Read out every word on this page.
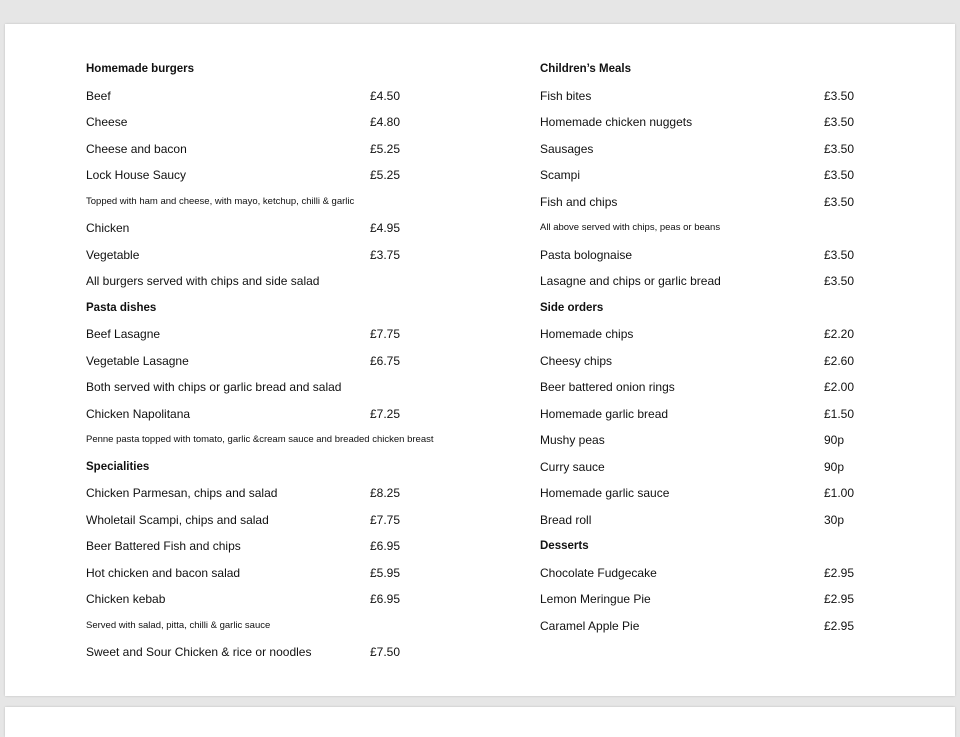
Homemade burgers
Beef	£4.50
Cheese	£4.80
Cheese and bacon	£5.25
Lock House Saucy	£5.25
Topped with ham and cheese, with mayo, ketchup, chilli & garlic
Chicken	£4.95
Vegetable	£3.75
All burgers served with chips and side salad
Pasta dishes
Beef Lasagne	£7.75
Vegetable Lasagne	£6.75
Both served with chips or garlic bread and salad
Chicken Napolitana	£7.25
Penne pasta topped with tomato, garlic &cream sauce and breaded chicken breast
Specialities
Chicken Parmesan, chips and salad	£8.25
Wholetail Scampi, chips and salad	£7.75
Beer Battered Fish and chips	£6.95
Hot chicken and bacon salad	£5.95
Chicken kebab	£6.95
Served with salad, pitta, chilli & garlic sauce
Sweet and Sour Chicken & rice or noodles	£7.50
Children’s Meals
Fish bites	£3.50
Homemade chicken nuggets	£3.50
Sausages	£3.50
Scampi	£3.50
Fish and chips	£3.50
All above served with chips, peas or beans
Pasta bolognaise	£3.50
Lasagne and chips or garlic bread	£3.50
Side orders
Homemade chips	£2.20
Cheesy chips	£2.60
Beer battered onion rings	£2.00
Homemade garlic bread	£1.50
Mushy peas	90p
Curry sauce	90p
Homemade garlic sauce	£1.00
Bread roll	30p
Desserts
Chocolate Fudgecake	£2.95
Lemon Meringue Pie	£2.95
Caramel Apple Pie	£2.95
